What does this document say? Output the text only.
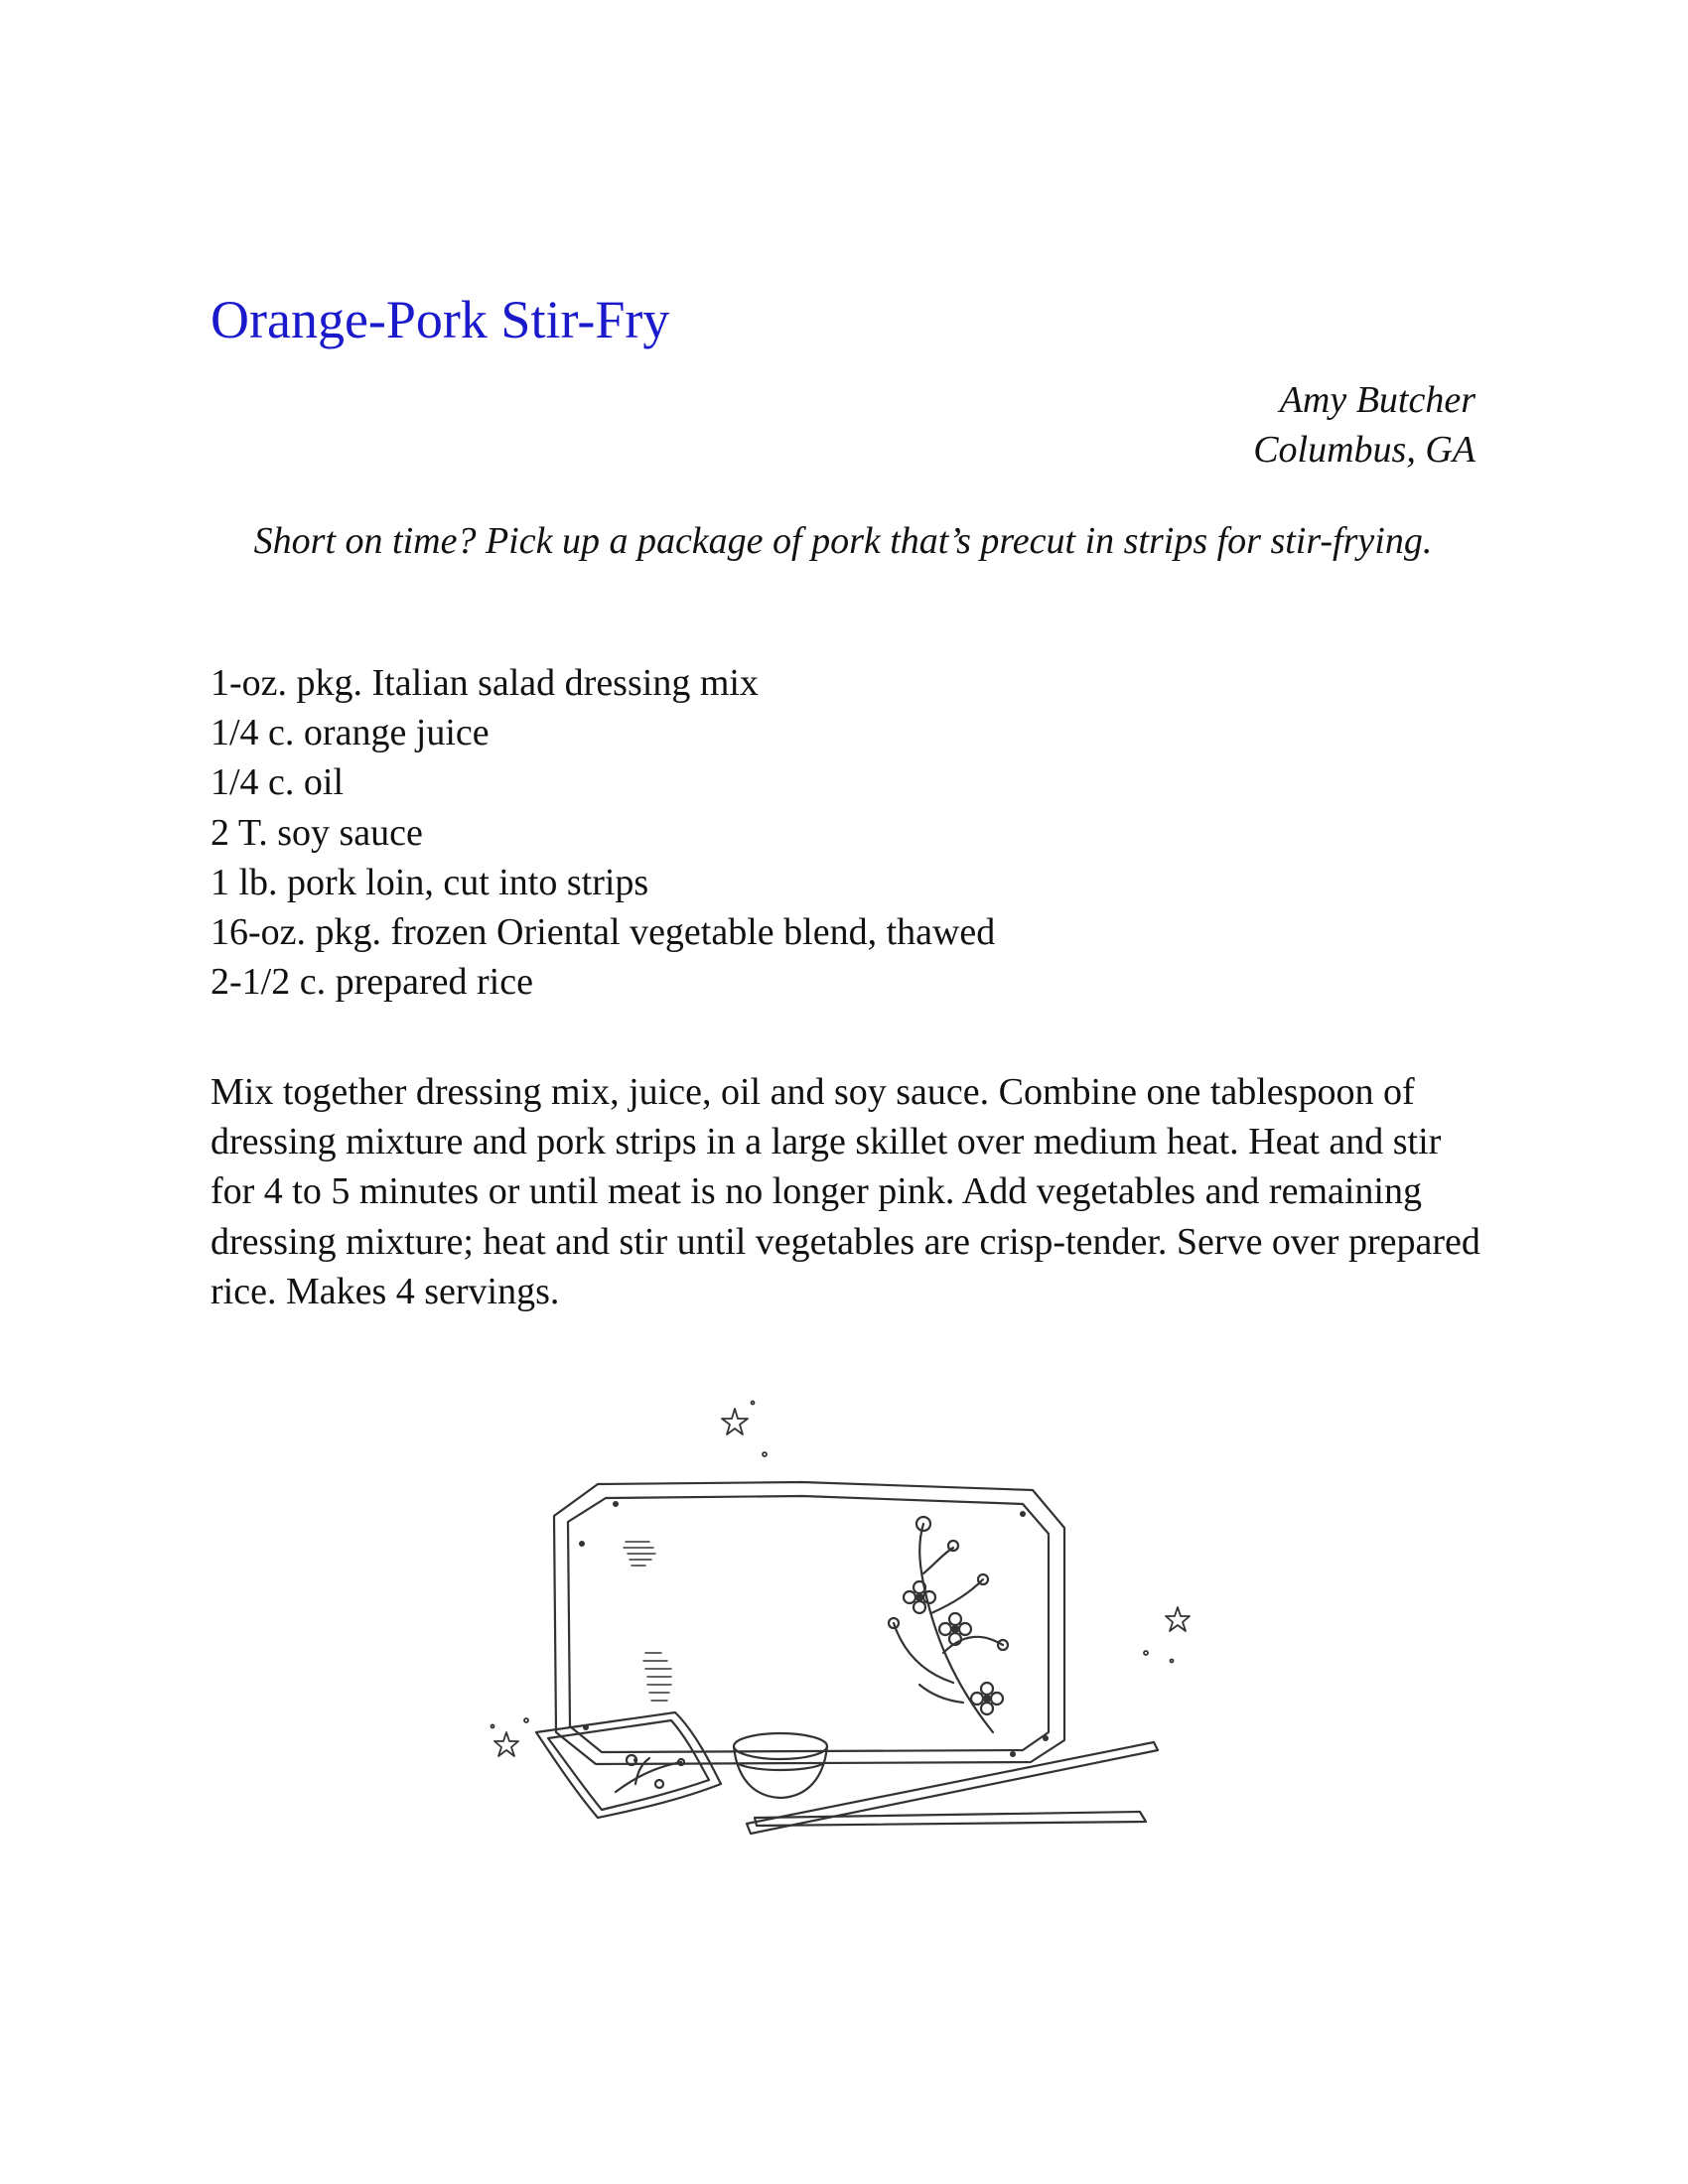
Orange-Pork Stir-Fry
Amy Butcher
Columbus, GA

Short on time? Pick up a package of pork that’s precut in strips for stir-frying.

1-oz. pkg. Italian salad dressing mix
1/4 c. orange juice
1/4 c. oil
2 T. soy sauce
1 lb. pork loin, cut into strips
16-oz. pkg. frozen Oriental vegetable blend, thawed
2-1/2 c. prepared rice

Mix together dressing mix, juice, oil and soy sauce. Combine one tablespoon of dressing mixture and pork strips in a large skillet over medium heat. Heat and stir for 4 to 5 minutes or until meat is no longer pink. Add vegetables and remaining dressing mixture; heat and stir until vegetables are crisp-tender. Serve over prepared rice. Makes 4 servings.
